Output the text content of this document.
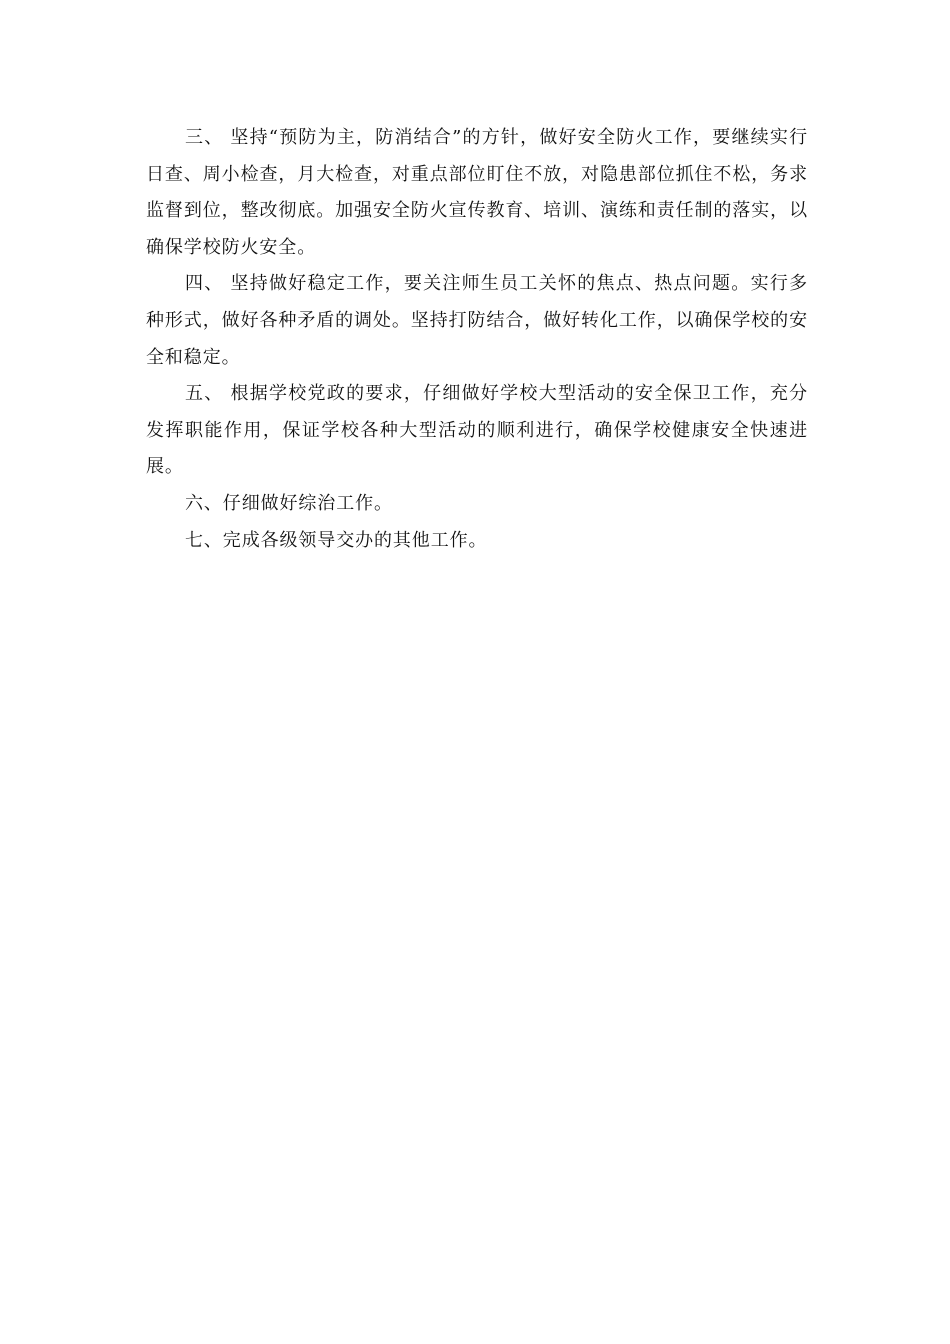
三、 坚持“预防为主，防消结合”的方针，做好安全防火工作，要继续实行日查、周小检查，月大检查，对重点部位盯住不放，对隐患部位抓住不松，务求监督到位，整改彻底。加强安全防火宣传教育、培训、演练和责任制的落实，以确保学校防火安全。

四、 坚持做好稳定工作，要关注师生员工关怀的焦点、热点问题。实行多种形式，做好各种矛盾的调处。坚持打防结合，做好转化工作，以确保学校的安全和稳定。

五、 根据学校党政的要求，仔细做好学校大型活动的安全保卫工作，充分发挥职能作用，保证学校各种大型活动的顺利进行，确保学校健康安全快速进展。

六、仔细做好综治工作。

七、完成各级领导交办的其他工作。
